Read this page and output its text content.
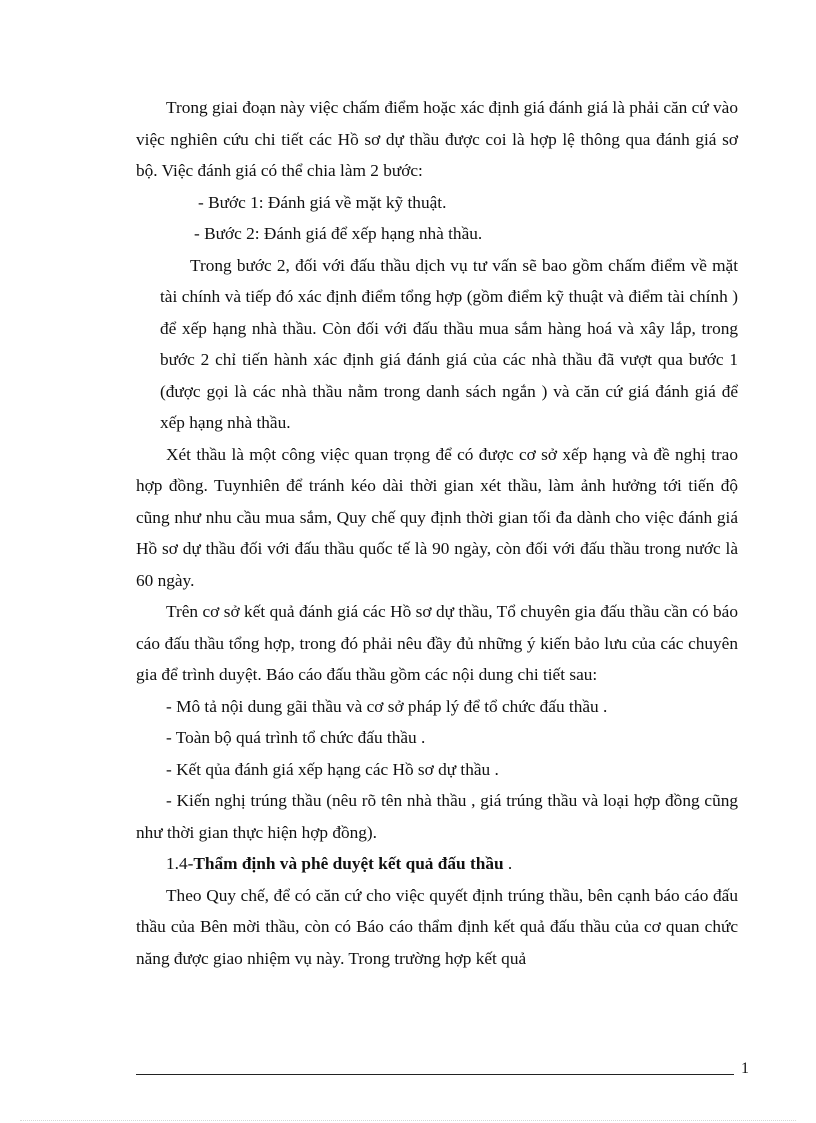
Trong giai đoạn này việc chấm điểm hoặc xác định giá đánh giá là phải căn cứ vào việc nghiên cứu chi tiết các Hồ sơ dự thầu được coi là hợp lệ thông qua đánh giá sơ bộ. Việc đánh giá có thể chia làm 2 bước:

- Bước 1: Đánh giá về mặt kỹ thuật.

- Bước 2: Đánh giá để xếp hạng nhà thầu.

Trong bước 2, đối với đấu thầu dịch vụ tư vấn sẽ bao gồm chấm điểm về mặt tài chính và tiếp đó xác định điểm tổng hợp (gồm điểm kỹ thuật và điểm tài chính ) để xếp hạng nhà thầu. Còn đối với đấu thầu mua sắm hàng hoá và xây lắp, trong bước 2 chỉ tiến hành xác định giá đánh giá của các nhà thầu đã vượt qua bước 1 (được gọi là các nhà thầu nằm trong danh sách ngắn ) và căn cứ giá đánh giá để xếp hạng nhà thầu.

Xét thầu là một công việc quan trọng để có được cơ sở xếp hạng và đề nghị trao hợp đồng. Tuynhiên để tránh kéo dài thời gian xét thầu, làm ảnh hưởng tới tiến độ cũng như nhu cầu mua sắm, Quy chế quy định thời gian tối đa dành cho việc đánh giá Hồ sơ dự thầu đối với đấu thầu quốc tế là 90 ngày, còn đối với đấu thầu trong nước là 60 ngày.

Trên cơ sở kết quả đánh giá các Hồ sơ dự thầu, Tổ chuyên gia đấu thầu cần có báo cáo đấu thầu tổng hợp, trong đó phải nêu đầy đủ những ý kiến bảo lưu của các chuyên gia để trình duyệt. Báo cáo đấu thầu gồm các nội dung chi tiết sau:

- Mô tả nội dung gãi thầu và cơ sở pháp lý để tổ chức đấu thầu .

- Toàn bộ quá trình tổ chức đấu thầu .

- Kết qủa đánh giá xếp hạng các Hồ sơ dự thầu .

- Kiến nghị trúng thầu (nêu rõ tên nhà thầu , giá trúng thầu và loại hợp đồng cũng như thời gian thực hiện hợp đồng).

1.4-Thẩm định và phê duyệt kết quả đấu thầu .

Theo Quy chế, để có căn cứ cho việc quyết định trúng thầu, bên cạnh báo cáo đấu thầu của Bên mời thầu, còn có Báo cáo thẩm định kết quả đấu thầu của cơ quan chức năng được giao nhiệm vụ này. Trong trường hợp kết quả

1
